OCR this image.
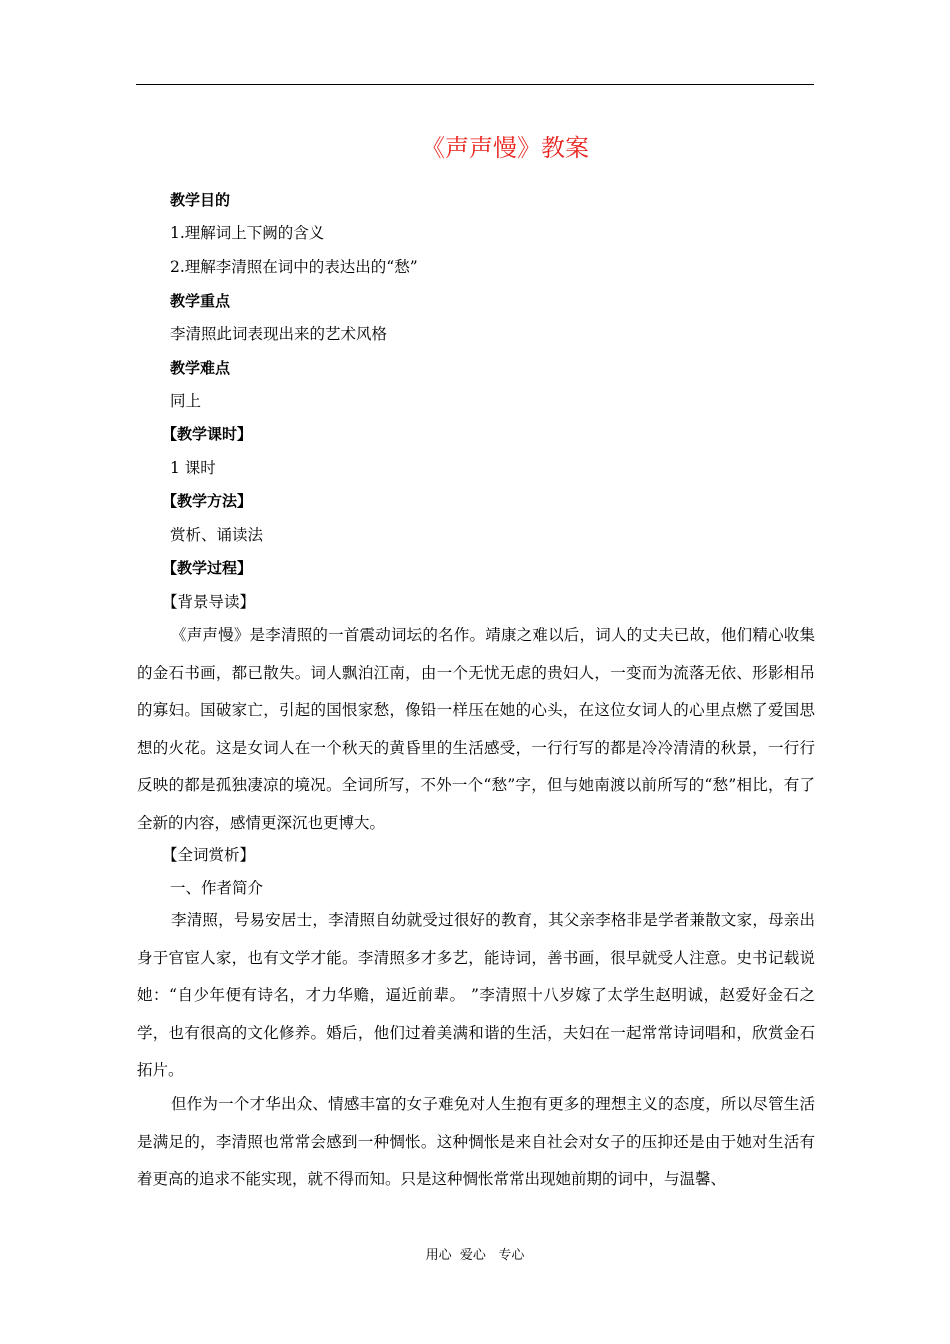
《声声慢》教案
教学目的
1.理解词上下阙的含义
2.理解李清照在词中的表达出的“愁”
教学重点
李清照此词表现出来的艺术风格
教学难点
同上
【教学课时】
1 课时
【教学方法】
赏析、诵读法
【教学过程】
【背景导读】
《声声慢》是李清照的一首震动词坛的名作。靖康之难以后，词人的丈夫已故，他们精心收集的金石书画，都已散失。词人飘泊江南，由一个无忧无虑的贵妇人，一变而为流落无依、形影相吊的寡妇。国破家亡，引起的国恨家愁，像铅一样压在她的心头，在这位女词人的心里点燃了爱国思想的火花。这是女词人在一个秋天的黄昏里的生活感受，一行行写的都是冷冷清清的秋景，一行行反映的都是孤独凄凉的境况。全词所写，不外一个“愁”字，但与她南渡以前所写的“愁”相比，有了全新的内容，感情更深沉也更博大。
【全词赏析】
一、作者简介
李清照，号易安居士，李清照自幼就受过很好的教育，其父亲李格非是学者兼散文家，母亲出身于官宦人家，也有文学才能。李清照多才多艺，能诗词，善书画，很早就受人注意。史书记载说她：“自少年便有诗名，才力华赡，逼近前辈。 ”李清照十八岁嫁了太学生赵明诚，赵爱好金石之学，也有很高的文化修养。婚后，他们过着美满和谐的生活，夫妇在一起常常诗词唱和，欣赏金石拓片。
但作为一个才华出众、情感丰富的女子难免对人生抱有更多的理想主义的态度，所以尽管生活是满足的，李清照也常常会感到一种惆怅。这种惆怅是来自社会对女子的压抑还是由于她对生活有着更高的追求不能实现，就不得而知。只是这种惆怅常常出现她前期的词中，与温馨、
用心  爱心   专心
